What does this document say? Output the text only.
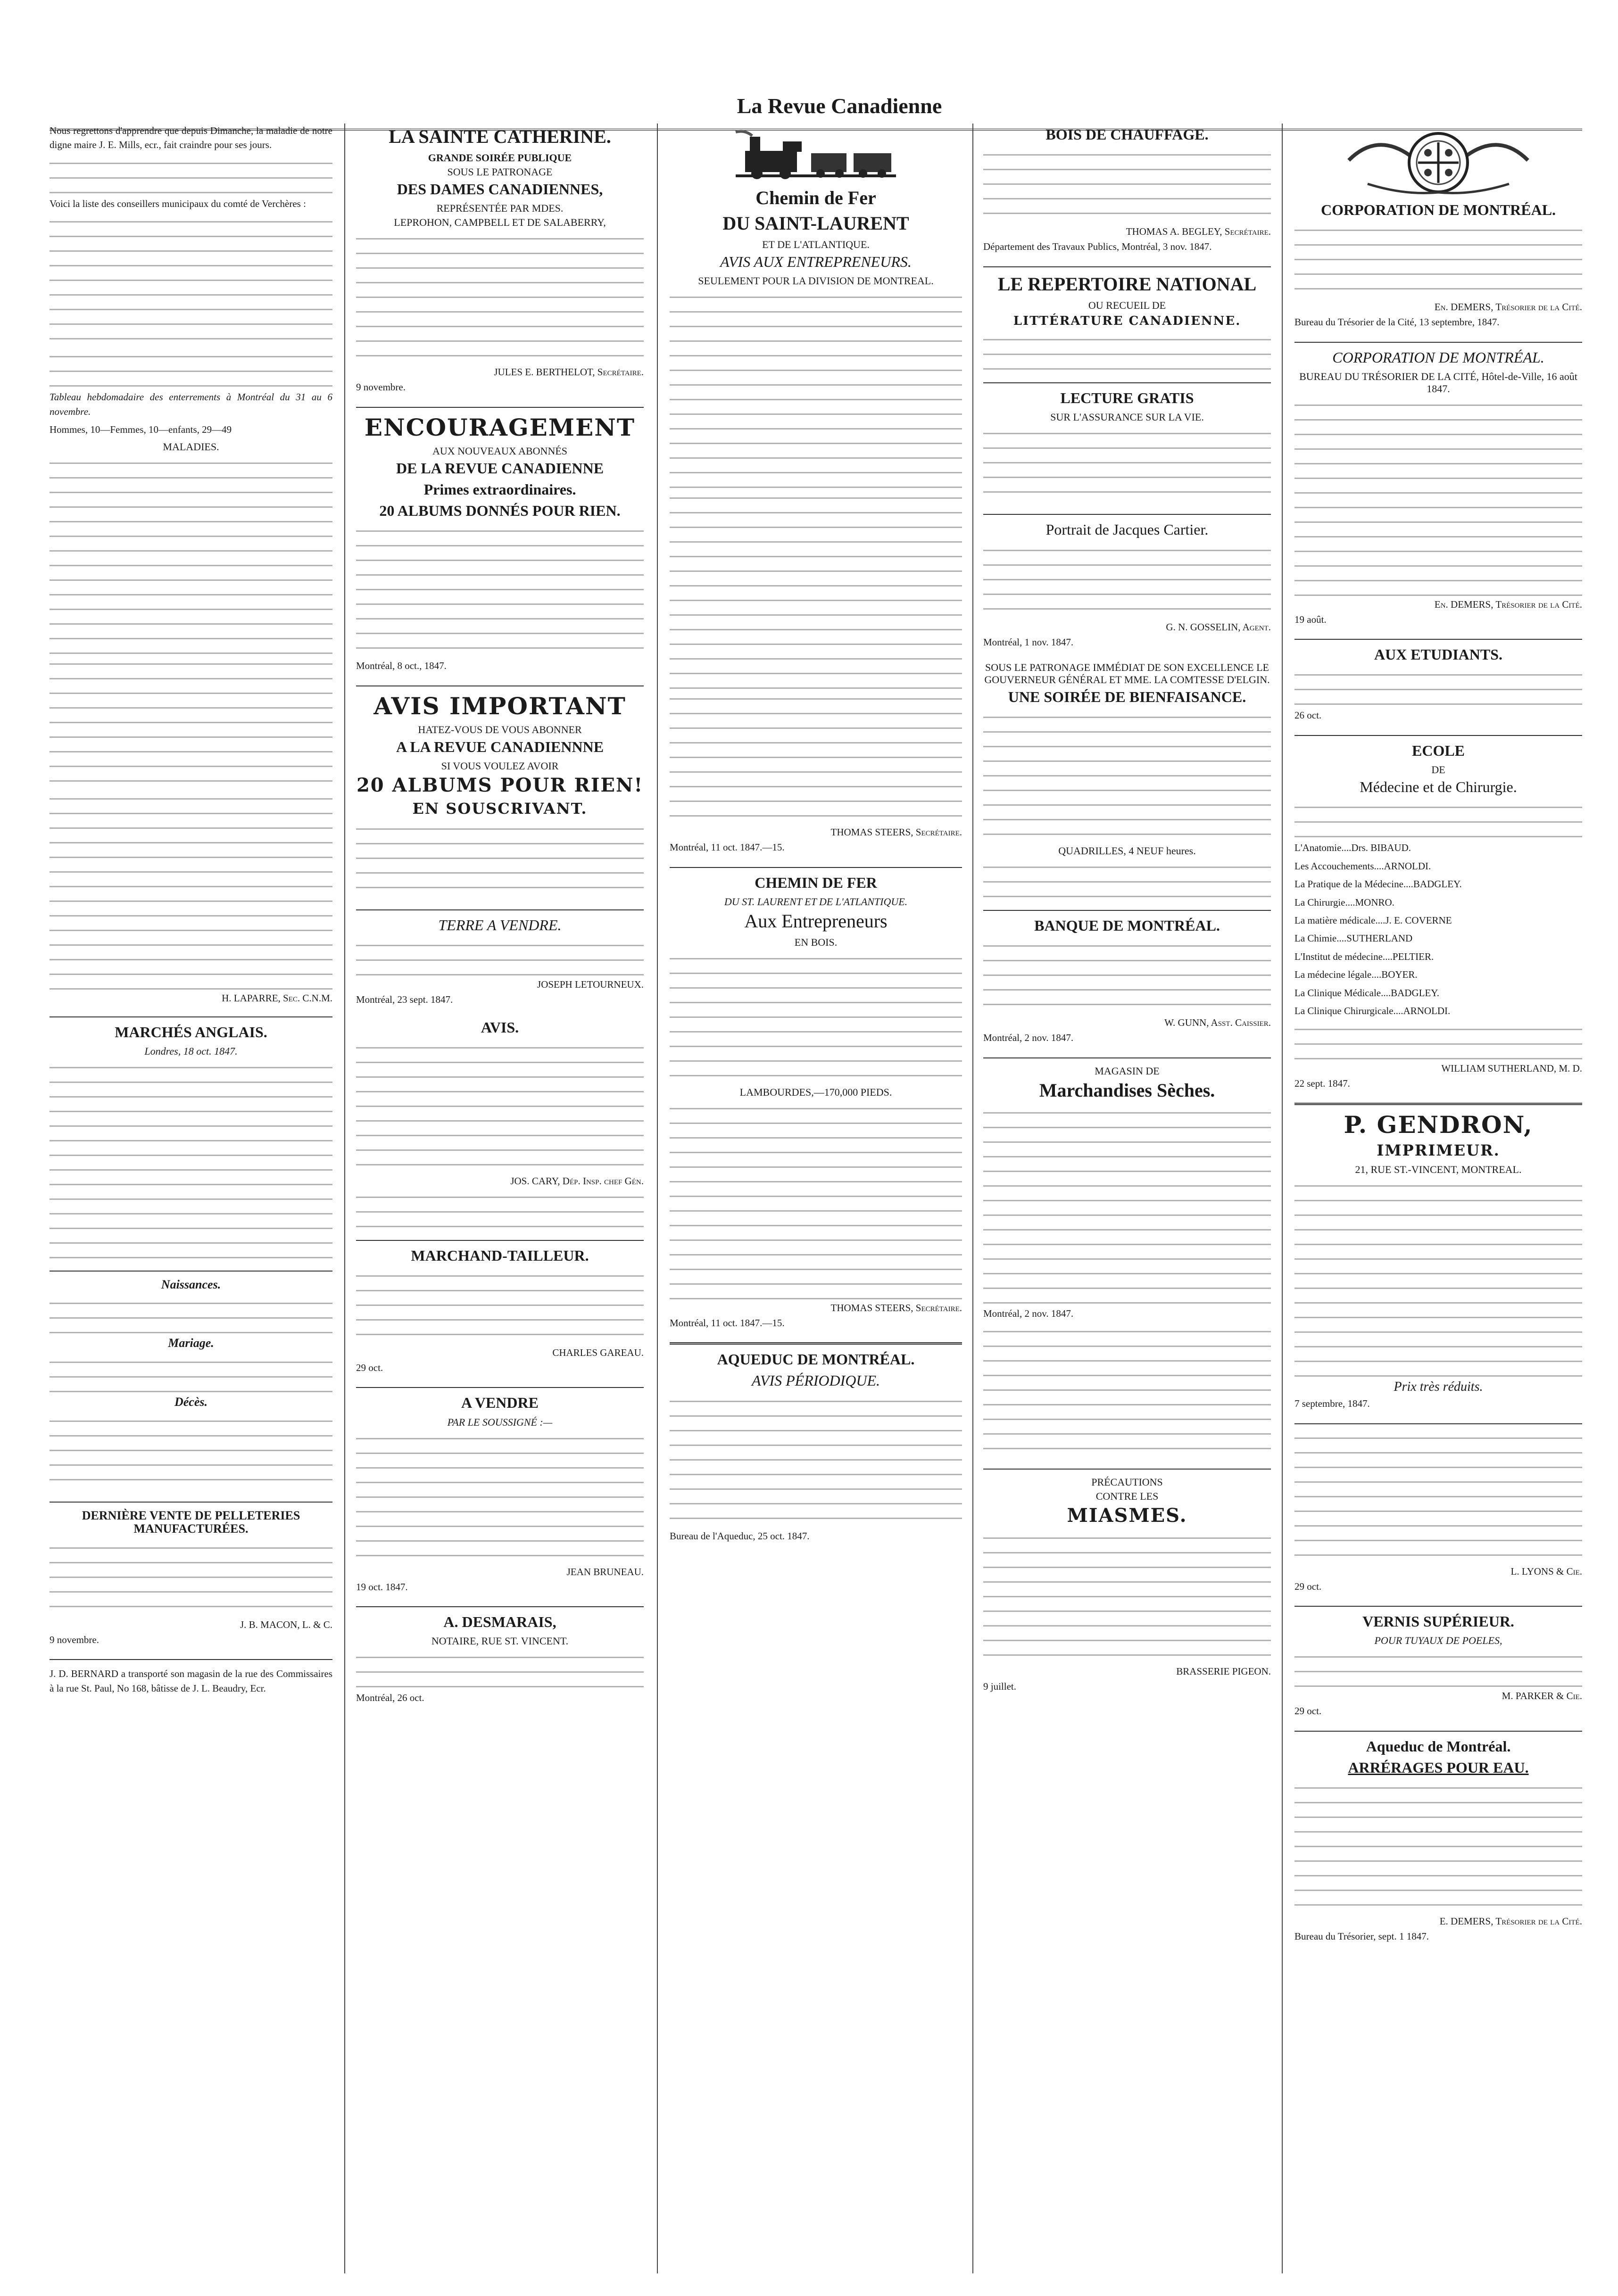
La Revue Canadienne

Nous regrettons d'apprendre que depuis Dimanche, la maladie de notre digne maire J. E. Mills, ecr., fait craindre pour ses jours.

Voici la liste des conseillers municipaux du comté de Verchères :

Tableau hebdomadaire des enterrements à Montréal du 31 au 6 novembre.

Hommes, 10—Femmes, 10—enfants, 29—49

MALADIES.
H. LAPARRE, Sec. C.N.M.
MARCHÉS ANGLAIS.
Londres, 18 oct. 1847.
Naissances.
Mariage.
Décès.
DERNIÈRE VENTE DE PELLETERIES MANUFACTURÉES.
J. B. MACON, L. & C.

9 novembre.

J. D. BERNARD a transporté son magasin de la rue des Commissaires à la rue St. Paul, No 168, bâtisse de J. L. Beaudry, Ecr.

LA SAINTE CATHERINE.
GRANDE SOIRÉE PUBLIQUE
SOUS LE PATRONAGE
DES DAMES CANADIENNES,
REPRÉSENTÉE PAR MDES.
LEPROHON, CAMPBELL ET DE SALABERRY,
JULES E. BERTHELOT, Secrétaire.

9 novembre.

ENCOURAGEMENT
AUX NOUVEAUX ABONNÉS
DE LA REVUE CANADIENNE
Primes extraordinaires.
20 ALBUMS DONNÉS POUR RIEN.

Montréal, 8 oct., 1847.

AVIS IMPORTANT
HATEZ-VOUS DE VOUS ABONNER
A LA REVUE CANADIENNNE
SI VOUS VOULEZ AVOIR
20 ALBUMS POUR RIEN!
EN SOUSCRIVANT.
TERRE A VENDRE.
JOSEPH LETOURNEUX.

Montréal, 23 sept. 1847.

AVIS.
JOS. CARY, Dép. Insp. chef Gén.
MARCHAND-TAILLEUR.
CHARLES GAREAU.

29 oct.

A VENDRE
PAR LE SOUSSIGNÉ :—
JEAN BRUNEAU.

19 oct. 1847.

A. DESMARAIS,
NOTAIRE, RUE ST. VINCENT.

Montréal, 26 oct.

Chemin de Fer
DU SAINT-LAURENT
ET DE L'ATLANTIQUE.
AVIS AUX ENTREPRENEURS.
SEULEMENT POUR LA DIVISION DE MONTREAL.
THOMAS STEERS, Secrétaire.

Montréal, 11 oct. 1847.—15.

CHEMIN DE FER
DU ST. LAURENT ET DE L'ATLANTIQUE.
Aux Entrepreneurs
EN BOIS.
LAMBOURDES,—170,000 PIEDS.
THOMAS STEERS, Secrétaire.

Montréal, 11 oct. 1847.—15.

AQUEDUC DE MONTRÉAL.
AVIS PÉRIODIQUE.

Bureau de l'Aqueduc, 25 oct. 1847.

BOIS DE CHAUFFAGE.
THOMAS A. BEGLEY, Secrétaire.

Département des Travaux Publics, Montréal, 3 nov. 1847.

LE REPERTOIRE NATIONAL
OU RECUEIL DE
LITTÉRATURE CANADIENNE.
LECTURE GRATIS
SUR L'ASSURANCE SUR LA VIE.
Portrait de Jacques Cartier.
G. N. GOSSELIN, Agent.

Montréal, 1 nov. 1847.

SOUS LE PATRONAGE IMMÉDIAT DE SON EXCELLENCE LE GOUVERNEUR GÉNÉRAL ET MME. LA COMTESSE D'ELGIN.
UNE SOIRÉE DE BIENFAISANCE.
QUADRILLES, 4 NEUF heures.
BANQUE DE MONTRÉAL.
W. GUNN, Asst. Caissier.

Montréal, 2 nov. 1847.

MAGASIN DE
Marchandises Sèches.

Montréal, 2 nov. 1847.

PRÉCAUTIONS
CONTRE LES
MIASMES.
BRASSERIE PIGEON.

9 juillet.

CORPORATION DE MONTRÉAL.
En. DEMERS, Trésorier de la Cité.

Bureau du Trésorier de la Cité, 13 septembre, 1847.

CORPORATION DE MONTRÉAL.
BUREAU DU TRÉSORIER DE LA CITÉ, Hôtel-de-Ville, 16 août 1847.
En. DEMERS, Trésorier de la Cité.

19 août.

AUX ETUDIANTS.

26 oct.

ECOLE
DE
Médecine et de Chirurgie.

L'Anatomie....Drs. BIBAUD.

Les Accouchements....ARNOLDI.

La Pratique de la Médecine....BADGLEY.

La Chirurgie....MONRO.

La matière médicale....J. E. COVERNE

La Chimie....SUTHERLAND

L'Institut de médecine....PELTIER.

La médecine légale....BOYER.

La Clinique Médicale....BADGLEY.

La Clinique Chirurgicale....ARNOLDI.

WILLIAM SUTHERLAND, M. D.

22 sept. 1847.

P. GENDRON,
IMPRIMEUR.
21, RUE ST.-VINCENT, MONTREAL.
Prix très réduits.

7 septembre, 1847.

L. LYONS & Cie.

29 oct.

VERNIS SUPÉRIEUR.
POUR TUYAUX DE POELES,
M. PARKER & Cie.

29 oct.

Aqueduc de Montréal.
ARRÉRAGES POUR EAU.
E. DEMERS, Trésorier de la Cité.

Bureau du Trésorier, sept. 1 1847.
